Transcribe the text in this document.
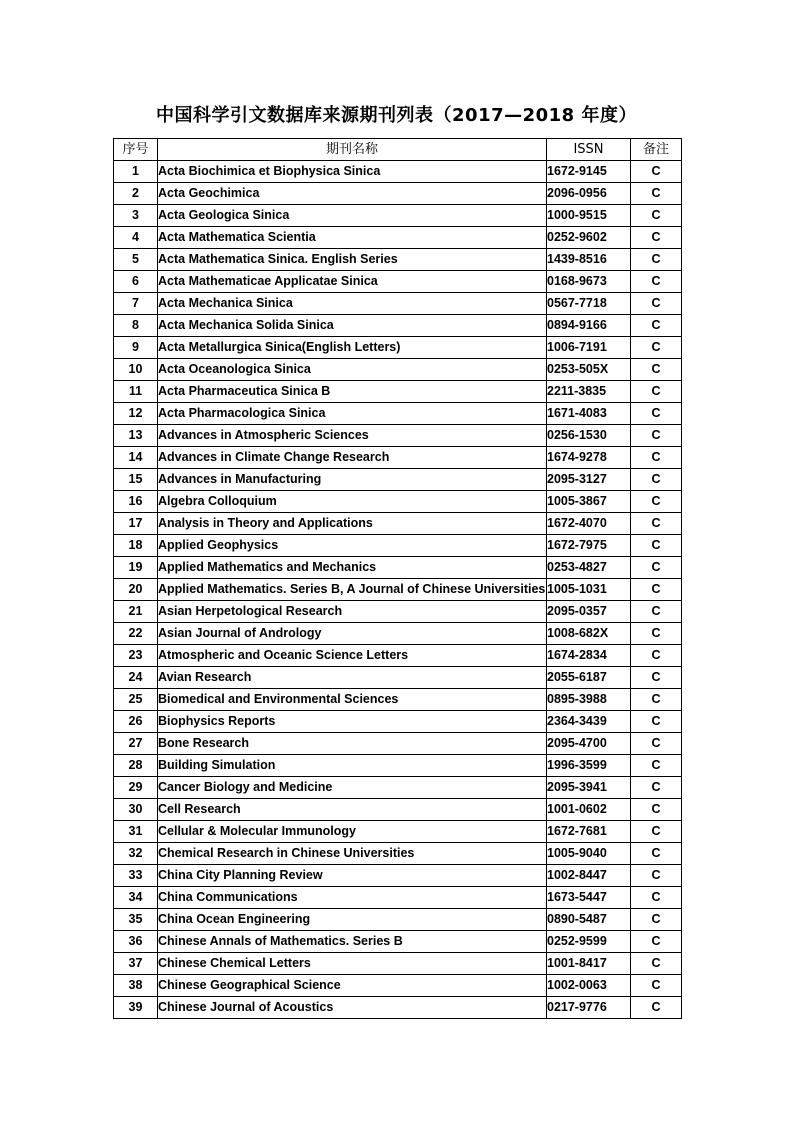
中国科学引文数据库来源期刊列表（2017—2018 年度）
序号	期刊名称	ISSN	备注
1	Acta Biochimica et Biophysica Sinica	1672-9145	C
2	Acta Geochimica	2096-0956	C
3	Acta Geologica Sinica	1000-9515	C
4	Acta Mathematica Scientia	0252-9602	C
5	Acta Mathematica Sinica. English Series	1439-8516	C
6	Acta Mathematicae Applicatae Sinica	0168-9673	C
7	Acta Mechanica Sinica	0567-7718	C
8	Acta Mechanica Solida Sinica	0894-9166	C
9	Acta Metallurgica Sinica(English Letters)	1006-7191	C
10	Acta Oceanologica Sinica	0253-505X	C
11	Acta Pharmaceutica Sinica B	2211-3835	C
12	Acta Pharmacologica Sinica	1671-4083	C
13	Advances in Atmospheric Sciences	0256-1530	C
14	Advances in Climate Change Research	1674-9278	C
15	Advances in Manufacturing	2095-3127	C
16	Algebra Colloquium	1005-3867	C
17	Analysis in Theory and Applications	1672-4070	C
18	Applied Geophysics	1672-7975	C
19	Applied Mathematics and Mechanics	0253-4827	C
20	Applied Mathematics. Series B, A Journal of Chinese Universities	1005-1031	C
21	Asian Herpetological Research	2095-0357	C
22	Asian Journal of Andrology	1008-682X	C
23	Atmospheric and Oceanic Science Letters	1674-2834	C
24	Avian Research	2055-6187	C
25	Biomedical and Environmental Sciences	0895-3988	C
26	Biophysics Reports	2364-3439	C
27	Bone Research	2095-4700	C
28	Building Simulation	1996-3599	C
29	Cancer Biology and Medicine	2095-3941	C
30	Cell Research	1001-0602	C
31	Cellular & Molecular Immunology	1672-7681	C
32	Chemical Research in Chinese Universities	1005-9040	C
33	China City Planning Review	1002-8447	C
34	China Communications	1673-5447	C
35	China Ocean Engineering	0890-5487	C
36	Chinese Annals of Mathematics. Series B	0252-9599	C
37	Chinese Chemical Letters	1001-8417	C
38	Chinese Geographical Science	1002-0063	C
39	Chinese Journal of Acoustics	0217-9776	C
